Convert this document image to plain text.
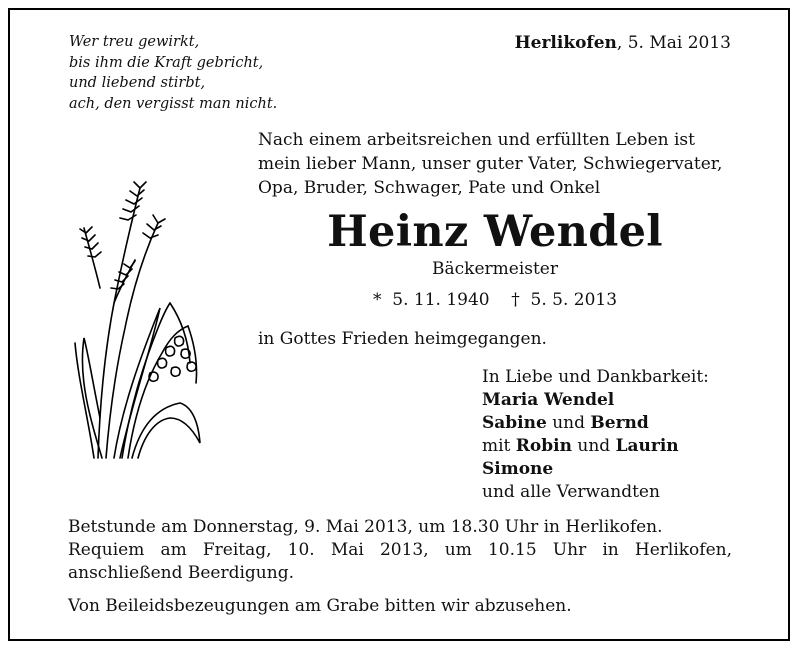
Wer treu gewirkt,
bis ihm die Kraft gebricht,
und liebend stirbt,
ach, den vergisst man nicht.
Herlikofen, 5. Mai 2013
Nach einem arbeitsreichen und erfüllten Leben ist
mein lieber Mann, unser guter Vater, Schwiegervater,
Opa, Bruder, Schwager, Pate und Onkel
Heinz Wendel
Bäckermeister
*  5. 11. 1940    †  5. 5. 2013
in Gottes Frieden heimgegangen.
In Liebe und Dankbarkeit:
Maria Wendel
Sabine und Bernd
mit Robin und Laurin
Simone
und alle Verwandten
Betstunde am Donnerstag, 9. Mai 2013, um 18.30 Uhr in Herlikofen.
Requiem am Freitag, 10. Mai 2013, um 10.15 Uhr in Herlikofen,
anschließend Beerdigung.
Von Beileidsbezeugungen am Grabe bitten wir abzusehen.
